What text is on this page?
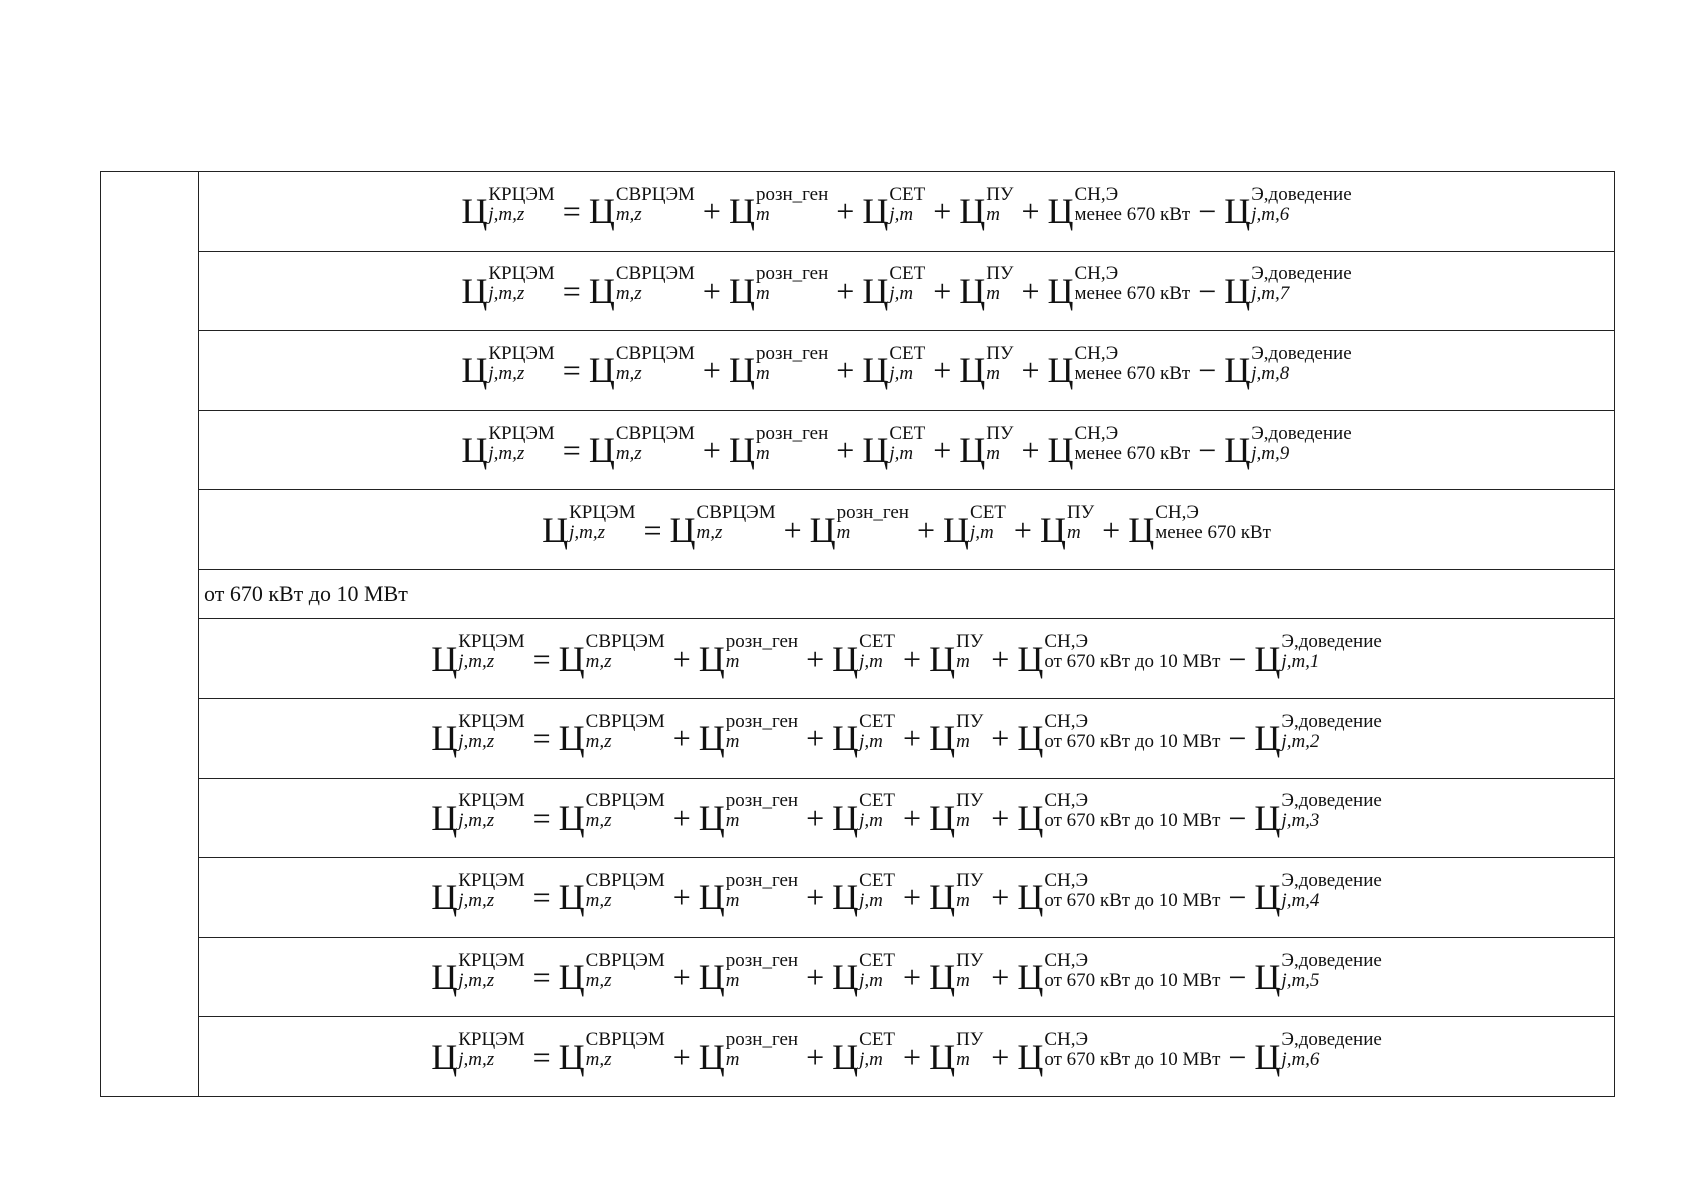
Ц КРЦЭМ
j,m,z = Ц СВРЦЭМ
m,z + Ц розн_ген
m + Ц СЕТ
j,m + Ц ПУ
m + Ц СН,Э
менее 670 кВт − Ц Э,доведение
j,m,6

Ц КРЦЭМ
j,m,z = Ц СВРЦЭМ
m,z + Ц розн_ген
m + Ц СЕТ
j,m + Ц ПУ
m + Ц СН,Э
менее 670 кВт − Ц Э,доведение
j,m,7

Ц КРЦЭМ
j,m,z = Ц СВРЦЭМ
m,z + Ц розн_ген
m + Ц СЕТ
j,m + Ц ПУ
m + Ц СН,Э
менее 670 кВт − Ц Э,доведение
j,m,8

Ц КРЦЭМ
j,m,z = Ц СВРЦЭМ
m,z + Ц розн_ген
m + Ц СЕТ
j,m + Ц ПУ
m + Ц СН,Э
менее 670 кВт − Ц Э,доведение
j,m,9

Ц КРЦЭМ
j,m,z = Ц СВРЦЭМ
m,z + Ц розн_ген
m + Ц СЕТ
j,m + Ц ПУ
m + Ц СН,Э
менее 670 кВт

от 670 кВт до 10 МВт

Ц КРЦЭМ
j,m,z = Ц СВРЦЭМ
m,z + Ц розн_ген
m + Ц СЕТ
j,m + Ц ПУ
m + Ц СН,Э
от 670 кВт до 10 МВт − Ц Э,доведение
j,m,1

Ц КРЦЭМ
j,m,z = Ц СВРЦЭМ
m,z + Ц розн_ген
m + Ц СЕТ
j,m + Ц ПУ
m + Ц СН,Э
от 670 кВт до 10 МВт − Ц Э,доведение
j,m,2

Ц КРЦЭМ
j,m,z = Ц СВРЦЭМ
m,z + Ц розн_ген
m + Ц СЕТ
j,m + Ц ПУ
m + Ц СН,Э
от 670 кВт до 10 МВт − Ц Э,доведение
j,m,3

Ц КРЦЭМ
j,m,z = Ц СВРЦЭМ
m,z + Ц розн_ген
m + Ц СЕТ
j,m + Ц ПУ
m + Ц СН,Э
от 670 кВт до 10 МВт − Ц Э,доведение
j,m,4

Ц КРЦЭМ
j,m,z = Ц СВРЦЭМ
m,z + Ц розн_ген
m + Ц СЕТ
j,m + Ц ПУ
m + Ц СН,Э
от 670 кВт до 10 МВт − Ц Э,доведение
j,m,5

Ц КРЦЭМ
j,m,z = Ц СВРЦЭМ
m,z + Ц розн_ген
m + Ц СЕТ
j,m + Ц ПУ
m + Ц СН,Э
от 670 кВт до 10 МВт − Ц Э,доведение
j,m,6
